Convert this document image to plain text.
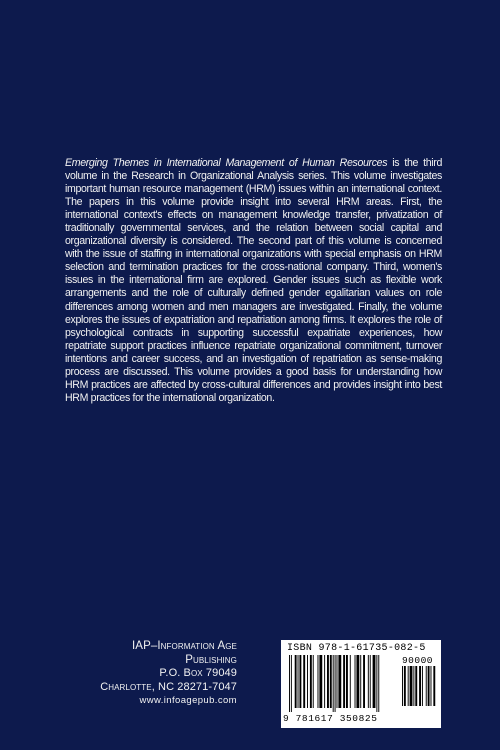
Emerging Themes in International Management of Human Resources is the third volume in the Research in Organizational Analysis series. This volume investigates important human resource management (HRM) issues within an international context. The papers in this volume provide insight into several HRM areas. First, the international context's effects on management knowledge transfer, privatization of traditionally governmental services, and the relation between social capital and organizational diversity is considered. The second part of this volume is concerned with the issue of staffing in international organizations with special emphasis on HRM selection and termination practices for the cross-national company. Third, women's issues in the international firm are explored. Gender issues such as flexible work arrangements and the role of culturally defined gender egalitarian values on role differences among women and men managers are investigated. Finally, the volume explores the issues of expatriation and repatriation among firms. It explores the role of psychological contracts in supporting successful expatriate experiences, how repatriate support practices influence repatriate organizational commitment, turnover intentions and career success, and an investigation of repatriation as sense-making process are discussed. This volume provides a good basis for understanding how HRM practices are affected by cross-cultural differences and provides insight into best HRM practices for the international organization.

IAP–Information Age Publishing
P.O. Box 79049
Charlotte, NC 28271-7047
www.infoagepub.com
ISBN 978-1-61735-082-5
90000
9 781617 350825
